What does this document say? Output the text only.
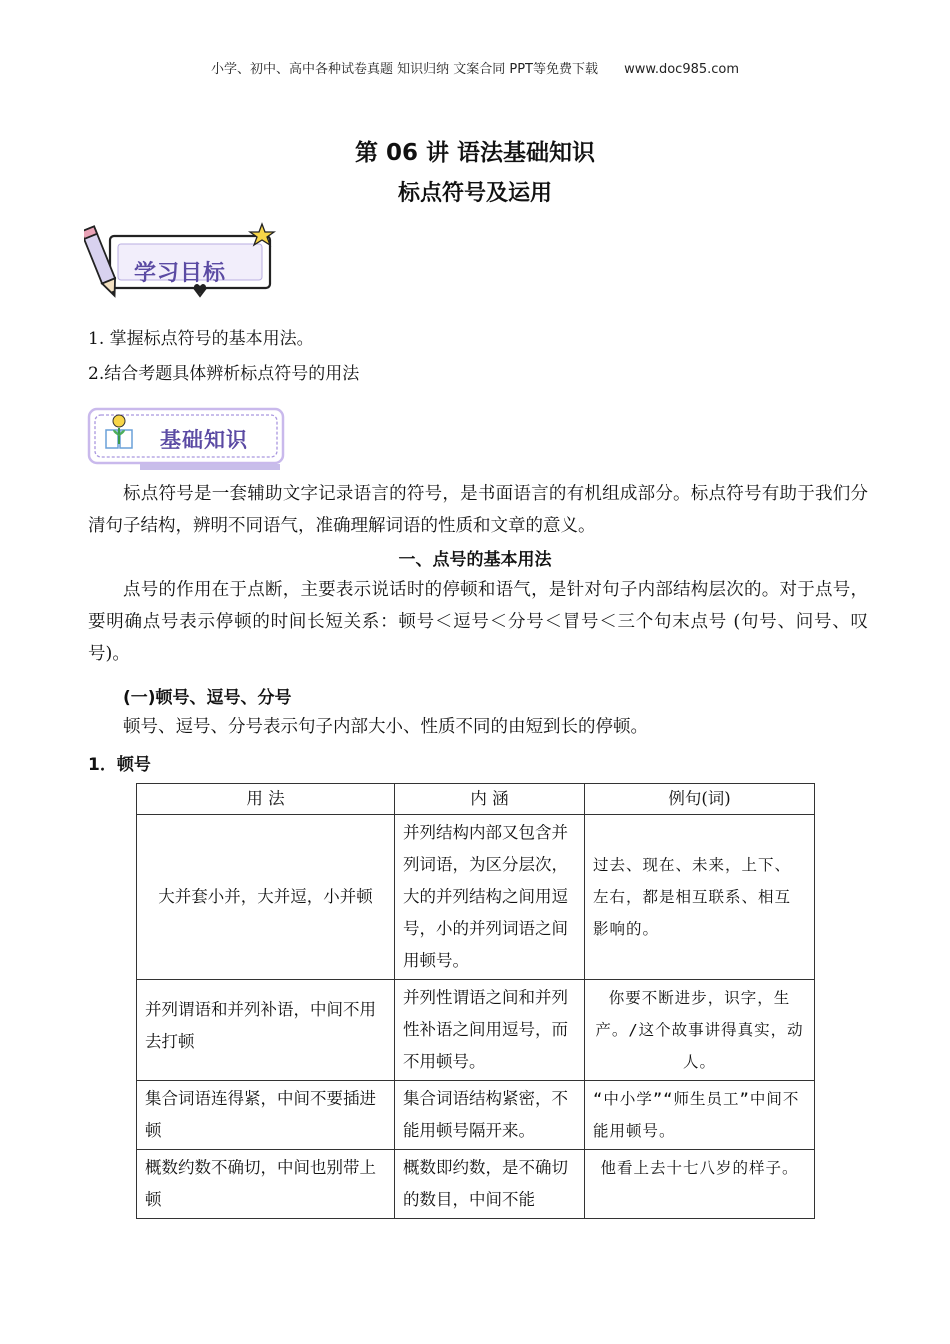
小学、初中、高中各种试卷真题 知识归纳 文案合同 PPT等免费下载 www.doc985.com
第 06 讲 语法基础知识
标点符号及运用
学习目标
1. 掌握标点符号的基本用法。
2.结合考题具体辨析标点符号的用法
基础知识
标点符号是一套辅助文字记录语言的符号，是书面语言的有机组成部分。标点符号有助于我们分清句子结构，辨明不同语气，准确理解词语的性质和文章的意义。
一、点号的基本用法
点号的作用在于点断，主要表示说话时的停顿和语气，是针对句子内部结构层次的。对于点号，要明确点号表示停顿的时间长短关系：顿号＜逗号＜分号＜冒号＜三个句末点号 (句号、问号、叹号)。
(一)顿号、逗号、分号
顿号、逗号、分号表示句子内部大小、性质不同的由短到长的停顿。
1．顿号
用 法	内 涵	例句(词)
大并套小并，大并逗，小并顿	并列结构内部又包含并列词语，为区分层次，大的并列结构之间用逗号，小的并列词语之间用顿号。	过去、现在、未来，上下、左右，都是相互联系、相互影响的。
并列谓语和并列补语，中间不用去打顿	并列性谓语之间和并列性补语之间用逗号，而不用顿号。	你要不断进步，识字，生产。/这个故事讲得真实，动人。
集合词语连得紧，中间不要插进顿	集合词语结构紧密，不能用顿号隔开来。	“中小学”“师生员工”中间不能用顿号。
概数约数不确切，中间也别带上顿	概数即约数，是不确切的数目，中间不能	他看上去十七八岁的样子。
